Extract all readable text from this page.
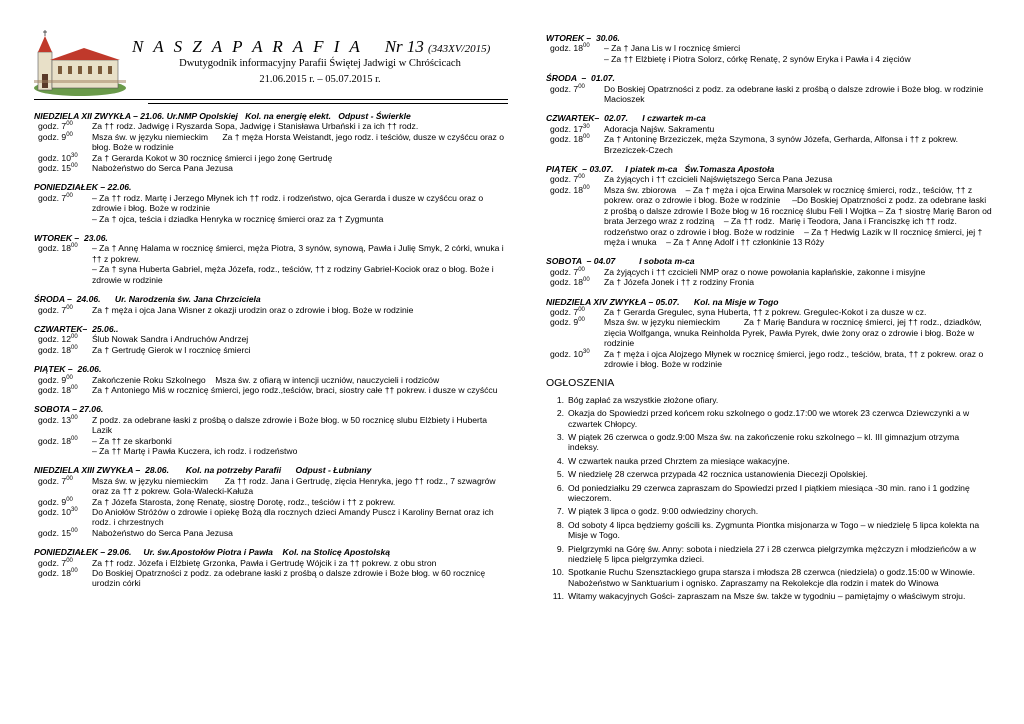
N A S Z A P A R A F I A Nr 13 (343XV/2015)
Dwutygodnik informacyjny Parafii Świętej Jadwigi w Chróścicach
21.06.2015 r. – 05.07.2015 r.
NIEDZIELA XII ZWYKŁA – 21.06. Ur.NMP Opolskiej   Kol. na energię elekt.   Odpust - Świerkle
godz. $7^{00}$	Za †† rodz. Jadwigę i Ryszarda Sopa, Jadwigę i Stanisława Urbański i za ich †† rodz.
godz. $9^{00}$	Msza św. w języku niemieckim      Za † męża Horsta Weistandt, jego rodz. i teściów, dusze w czyśćcu oraz o błog. Boże w rodzinie
godz. $10^{30}$	Za † Gerarda Kokot w 30 rocznicę śmierci i jego żonę Gertrudę
godz. $15^{00}$	Nabożeństwo do Serca Pana Jezusa
PONIEDZIAŁEK – 22.06.
godz. $7^{00}$	– Za †† rodz. Martę i Jerzego Młynek ich †† rodz. i rodzeństwo, ojca Gerarda i dusze w czyśćcu oraz o zdrowie i błog. Boże w rodzinie
– Za † ojca, teścia i dziadka Henryka w rocznicę śmierci oraz za † Zygmunta
WTOREK –  23.06.
godz. $18^{00}$	– Za † Annę Halama w rocznicę śmierci, męża Piotra, 3 synów, synową, Pawła i Julię Smyk, 2 córki, wnuka i †† z pokrew.
– Za † syna Huberta Gabriel, męża Józefa, rodz., teściów, †† z rodziny Gabriel-Kociok oraz o błog. Boże i zdrowie w rodzinie
ŚRODA –  24.06.      Ur. Narodzenia św. Jana Chrzciciela
godz. $7^{00}$	Za † męża i ojca Jana Wisner z okazji urodzin oraz o zdrowie i błog. Boże w rodzinie
CZWARTEK–  25.06..
godz. $12^{00}$	Ślub Nowak Sandra i Andruchów Andrzej
godz. $18^{00}$	Za † Gertrudę Gierok w I rocznicę śmierci
PIĄTEK –  26.06.
godz. $9^{00}$	Zakończenie Roku Szkolnego    Msza św. z ofiarą w intencji uczniów, nauczycieli i rodziców
godz. $18^{00}$	Za † Antoniego Miś w rocznicę śmierci, jego rodz.,teściów, braci, siostry całe †† pokrew. i dusze w czyśćcu
SOBOTA – 27.06.
godz. $13^{00}$	Z podz. za odebrane łaski z prośbą o dalsze zdrowie i Boże błog. w 50 rocznicę slubu Elżbiety i Huberta Lazik
godz. $18^{00}$	– Za †† ze skarbonki
– Za †† Martę i Pawła Kuczera, ich rodz. i rodzeństwo
NIEDZIELA XIII ZWYKŁA –  28.06.       Kol. na potrzeby Parafii      Odpust - Łubniany
godz. $7^{00}$	Msza św. w języku niemieckim       Za †† rodz. Jana i Gertrudę, zięcia Henryka, jego †† rodz., 7 szwagrów oraz za †† z pokrew. Gola-Walecki-Kałuża
godz. $9^{00}$	Za † Józefa Starosta, żonę Renatę, siostrę Dorotę, rodz., teściów i †† z pokrew.
godz. $10^{30}$	Do Aniołów Stróżów o zdrowie i opiekę Bożą dla rocznych dzieci Amandy Puscz i Karoliny Bernat oraz ich rodz. i chrzestnych
godz. $15^{00}$	Nabożeństwo do Serca Pana Jezusa
PONIEDZIAŁEK – 29.06.     Ur. św.Apostołów Piotra i Pawła    Kol. na Stolicę Apostolską
godz. $7^{00}$	Za †† rodz. Józefa i Elżbietę Grzonka, Pawła i Gertrudę Wójcik i za †† pokrew. z obu stron
godz. $18^{00}$	Do Boskiej Opatrzności z podz. za odebrane łaski z prośbą o dalsze zdrowie i Boże błog. w 60 rocznicę urodzin córki
WTOREK –  30.06.
godz. $18^{00}$	– Za † Jana Lis w I rocznicę śmierci
– Za †† Elżbietę i Piotra Solorz, córkę Renatę, 2 synów Eryka i Pawła i 4 zięciów
ŚRODA  –  01.07.
godz. $7^{00}$	Do Boskiej Opatrzności z podz. za odebrane łaski z prośbą o dalsze zdrowie i Boże błog. w rodzinie Macioszek
CZWARTEK–  02.07.      I czwartek m-ca
godz. $17^{30}$	Adoracja Najśw. Sakramentu
godz. $18^{00}$	Za † Antoninę Brzeziczek, męża Szymona, 3 synów Józefa, Gerharda, Alfonsa i †† z pokrew. Brzeziczek-Czech
PIĄTEK  – 03.07.     I piatek m-ca   Św.Tomasza Apostoła
godz. $7^{00}$	Za żyjących i †† czcicieli Najświętszego Serca Pana Jezusa
godz. $18^{00}$	Msza św. zbiorowa    – Za † męża i ojca Erwina Marsolek w rocznicę śmierci, rodz., teściów, †† z pokrew. oraz o zdrowie i błog. Boże w rodzinie     –Do Boskiej Opatrzności z podz. za odebrane łaski z prośbą o dalsze zdrowie I Boże błog w 16 rocznicę ślubu Feli I Wojtka – Za † siostrę Marię Baron od brata Jerzego wraz z rodziną    – Za †† rodz.  Marię i Teodora, Jana i Franciszkę ich †† rodz. rodzeństwo oraz o zdrowie i błog. Boże w rodzinie    – Za † Hedwig Lazik w II rocznicę śmierci, jej † męża i wnuka    – Za † Annę Adolf i †† członkinie 13 Róży
SOBOTA  – 04.07          I sobota m-ca
godz. $7^{00}$	Za żyjących i †† czcicieli NMP oraz o nowe powołania kapłańskie, zakonne i misyjne
godz. $18^{00}$	Za † Józefa Jonek i †† z rodziny Fronia
NIEDZIELA XIV ZWYKŁA – 05.07.      Kol. na Misje w Togo
godz. $7^{00}$	Za † Gerarda Gregulec, syna Huberta, †† z pokrew. Gregulec-Kokot i za dusze w cz.
godz. $9^{00}$	Msza św. w języku niemieckim          Za † Marię Bandura w rocznicę śmierci, jej †† rodz., dziadków, zięcia Wolfganga, wnuka Reinholda Pyrek, Pawła Pyrek, dwie żony oraz o zdrowie i błog. Boże w rodzinie
godz. $10^{30}$	Za † męża i ojca Alojzego Młynek w rocznicę śmierci, jego rodz., teściów, brata, †† z pokrew. oraz o zdrowie i błog. Boże w rodzinie
OGŁOSZENIA
1. Bóg zapłać za wszystkie złożone ofiary.
2. Okazja do Spowiedzi przed końcem roku szkolnego o godz.17:00 we wtorek 23 czerwca Dziewczynki a w czwartek Chłopcy.
3. W piątek 26 czerwca o godz.9:00 Msza św. na zakończenie roku szkolnego – kl. III gimnazjum otrzyma indeksy.
4. W czwartek nauka przed Chrztem za miesiące wakacyjne.
5. W niedzielę 28 czerwca przypada 42 rocznica ustanowienia Diecezji Opolskiej.
6. Od poniedziałku 29 czerwca zapraszam do Spowiedzi przed I piątkiem miesiąca -30 min. rano i 1 godzinę wieczorem.
7. W piątek 3 lipca o godz. 9:00 odwiedziny chorych.
8. Od soboty 4 lipca będziemy gościli ks. Zygmunta Piontka misjonarza w Togo – w niedzielę 5 lipca kolekta na Misje w Togo.
9. Pielgrzymki na Górę św. Anny: sobota i niedziela 27 i 28 czerwca pielgrzymka mężczyzn i młodzieńców a w niedzielę 5 lipca pielgrzymka dzieci.
10. Spotkanie Ruchu Szensztackiego grupa starsza i młodsza 28 czerwca (niedziela) o godz.15:00 w Winowie. Nabożeństwo w Sanktuarium i ognisko. Zapraszamy na Rekolekcje dla rodzin i matek do Winowa
11. Witamy wakacyjnych Gości- zapraszam na Msze św. także w tygodniu – pamiętajmy o właściwym stroju.
